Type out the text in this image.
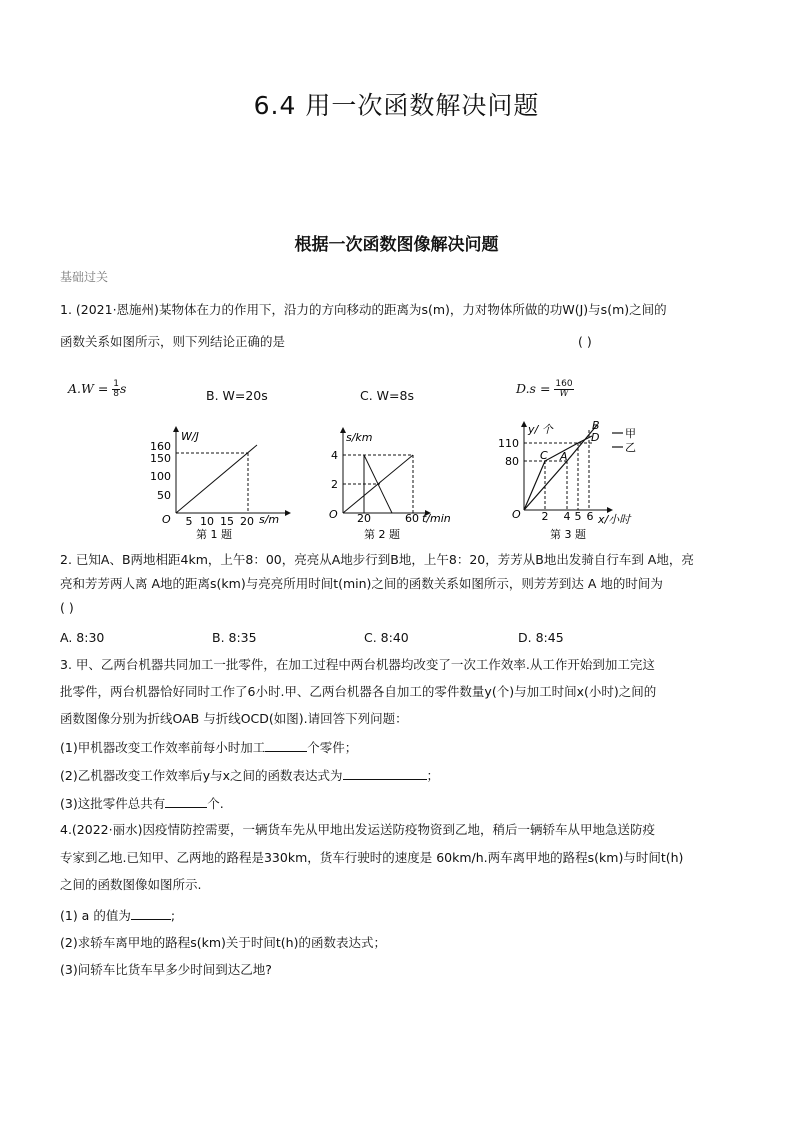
6.4 用一次函数解决问题
根据一次函数图像解决问题
基础过关
1. (2021·恩施州)某物体在力的作用下，沿力的方向移动的距离为s(m)，力对物体所做的功W(J)与s(m)之间的
函数关系如图所示，则下列结论正确的是	( )
$A.W = \frac{1}{8}$ s	B. W=20s	C. W=8s	$D.s = \frac{160}{W}$
W/J
s/m
O
160
150
100
50
5 10 15 20
第 1 题
s/km
t/min
O
4
2
20	60
第 2 题
y/ 个
x/小时
O
110
80
2 4 5 6
C A
B
D 甲
乙
第 3 题
2. 已知A、B两地相距4km，上午8：00，亮亮从A地步行到B地，上午8：20，芳芳从B地出发骑自行车到 A地，亮
亮和芳芳两人离 A地的距离s(km)与亮亮所用时间t(min)之间的函数关系如图所示，则芳芳到达 A 地的时间为
( )
A. 8:30	B. 8:35	C. 8:40	D. 8:45
3. 甲、乙两台机器共同加工一批零件，在加工过程中两台机器均改变了一次工作效率.从工作开始到加工完这
批零件，两台机器恰好同时工作了6小时.甲、乙两台机器各自加工的零件数量y(个)与加工时间x(小时)之间的
函数图像分别为折线OAB 与折线OCD(如图).请回答下列问题：
(1)甲机器改变工作效率前每小时加工	个零件；
(2)乙机器改变工作效率后y与x之间的函数表达式为	；
(3)这批零件总共有	个.
4.(2022·丽水)因疫情防控需要，一辆货车先从甲地出发运送防疫物资到乙地，稍后一辆轿车从甲地急送防疫
专家到乙地.已知甲、乙两地的路程是330km，货车行驶时的速度是 60km/h.两车离甲地的路程s(km)与时间t(h)
之间的函数图像如图所示.
(1) a 的值为	;
(2)求轿车离甲地的路程s(km)关于时间t(h)的函数表达式；
(3)问轿车比货车早多少时间到达乙地?
